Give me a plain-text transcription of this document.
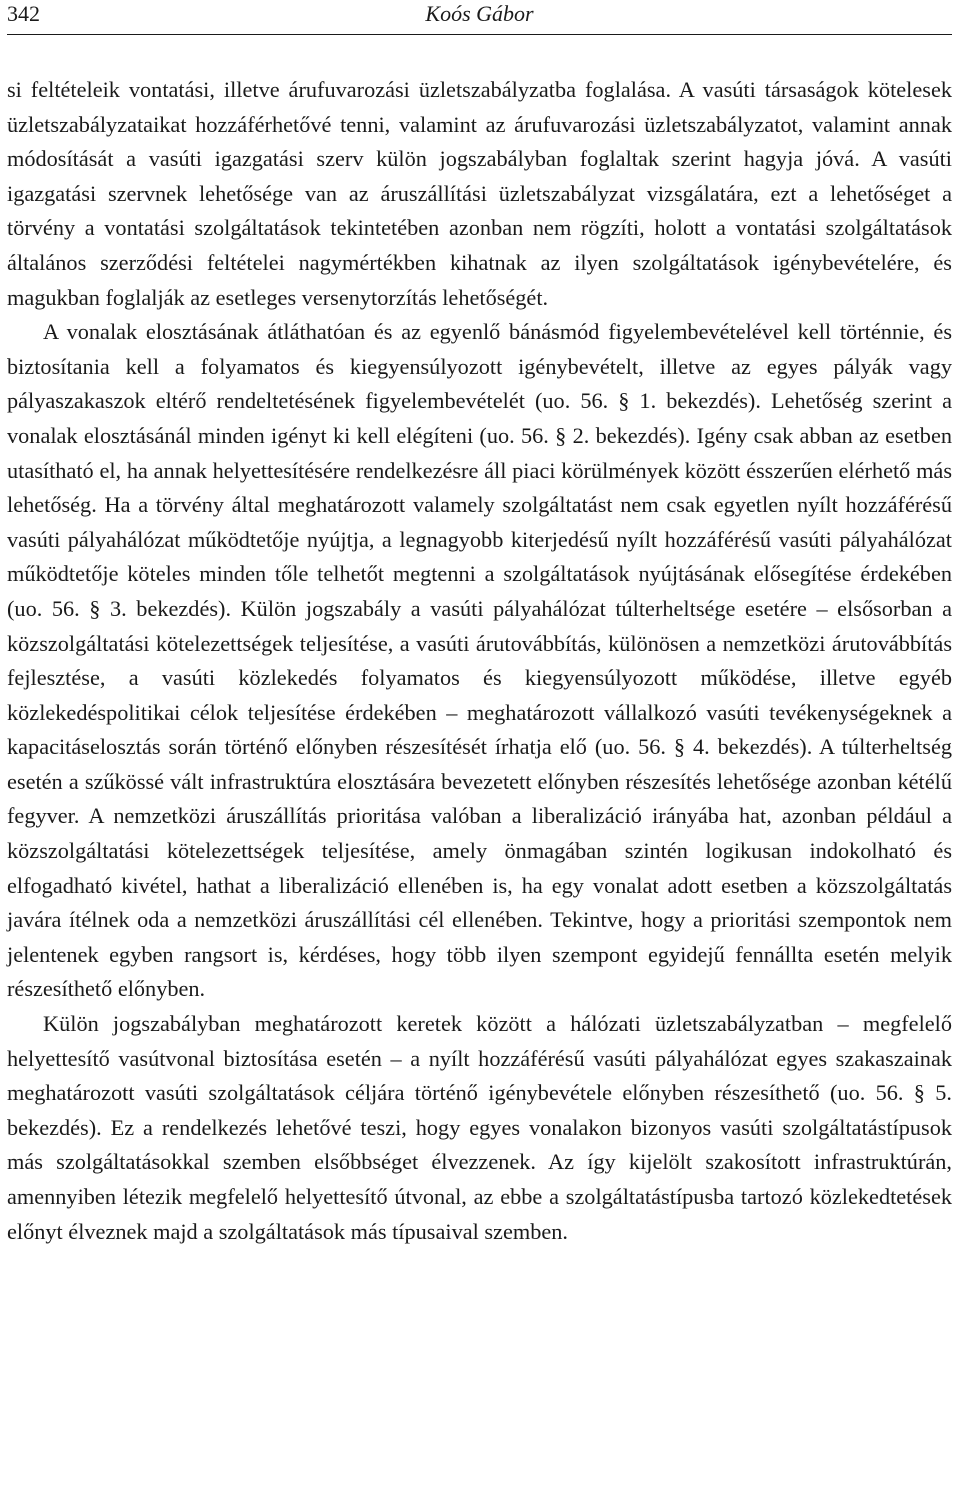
342	Koós Gábor

si feltételeik vontatási, illetve árufuvarozási üzletszabályzatba foglalása. A vasúti társaságok kötelesek üzletszabályzataikat hozzáférhetővé tenni, valamint az árufuvarozási üzletszabályzatot, valamint annak módosítását a vasúti igazgatási szerv külön jogszabályban foglaltak szerint hagyja jóvá. A vasúti igazgatási szervnek lehetősége van az áruszállítási üzletszabályzat vizsgálatára, ezt a lehetőséget a törvény a vontatási szolgáltatások tekintetében azonban nem rögzíti, holott a vontatási szolgáltatások általános szerződési feltételei nagymértékben kihatnak az ilyen szolgáltatások igénybevételére, és magukban foglalják az esetleges versenytorzítás lehetőségét.

A vonalak elosztásának átláthatóan és az egyenlő bánásmód figyelembevételével kell történnie, és biztosítania kell a folyamatos és kiegyensúlyozott igénybevételt, illetve az egyes pályák vagy pályaszakaszok eltérő rendeltetésének figyelembevételét (uo. 56. § 1. bekezdés). Lehetőség szerint a vonalak elosztásánál minden igényt ki kell elégíteni (uo. 56. § 2. bekezdés). Igény csak abban az esetben utasítható el, ha annak helyettesítésére rendelkezésre áll piaci körülmények között ésszerűen elérhető más lehetőség. Ha a törvény által meghatározott valamely szolgáltatást nem csak egyetlen nyílt hozzáférésű vasúti pályahálózat működtetője nyújtja, a legnagyobb kiterjedésű nyílt hozzáférésű vasúti pályahálózat működtetője köteles minden tőle telhetőt megtenni a szolgáltatások nyújtásának elősegítése érdekében (uo. 56. § 3. bekezdés). Külön jogszabály a vasúti pályahálózat túlterheltsége esetére – elsősorban a közszolgáltatási kötelezettségek teljesítése, a vasúti árutovábbítás, különösen a nemzetközi árutovábbítás fejlesztése, a vasúti közlekedés folyamatos és kiegyensúlyozott működése, illetve egyéb közlekedéspolitikai célok teljesítése érdekében – meghatározott vállalkozó vasúti tevékenységeknek a kapacitáselosztás során történő előnyben részesítését írhatja elő (uo. 56. § 4. bekezdés). A túlterheltség esetén a szűkössé vált infrastruktúra elosztására bevezetett előnyben részesítés lehetősége azonban kétélű fegyver. A nemzetközi áruszállítás prioritása valóban a liberalizáció irányába hat, azonban például a közszolgáltatási kötelezettségek teljesítése, amely önmagában szintén logikusan indokolható és elfogadható kivétel, hathat a liberalizáció ellenében is, ha egy vonalat adott esetben a közszolgáltatás javára ítélnek oda a nemzetközi áruszállítási cél ellenében. Tekintve, hogy a prioritási szempontok nem jelentenek egyben rangsort is, kérdéses, hogy több ilyen szempont egyidejű fennállta esetén melyik részesíthető előnyben.

Külön jogszabályban meghatározott keretek között a hálózati üzletszabályzatban – megfelelő helyettesítő vasútvonal biztosítása esetén – a nyílt hozzáférésű vasúti pályahálózat egyes szakaszainak meghatározott vasúti szolgáltatások céljára történő igénybevétele előnyben részesíthető (uo. 56. § 5. bekezdés). Ez a rendelkezés lehetővé teszi, hogy egyes vonalakon bizonyos vasúti szolgáltatástípusok más szolgáltatásokkal szemben elsőbbséget élvezzenek. Az így kijelölt szakosított infrastruktúrán, amennyiben létezik megfelelő helyettesítő útvonal, az ebbe a szolgáltatástípusba tartozó közlekedtetések előnyt élveznek majd a szolgáltatások más típusaival szemben.
